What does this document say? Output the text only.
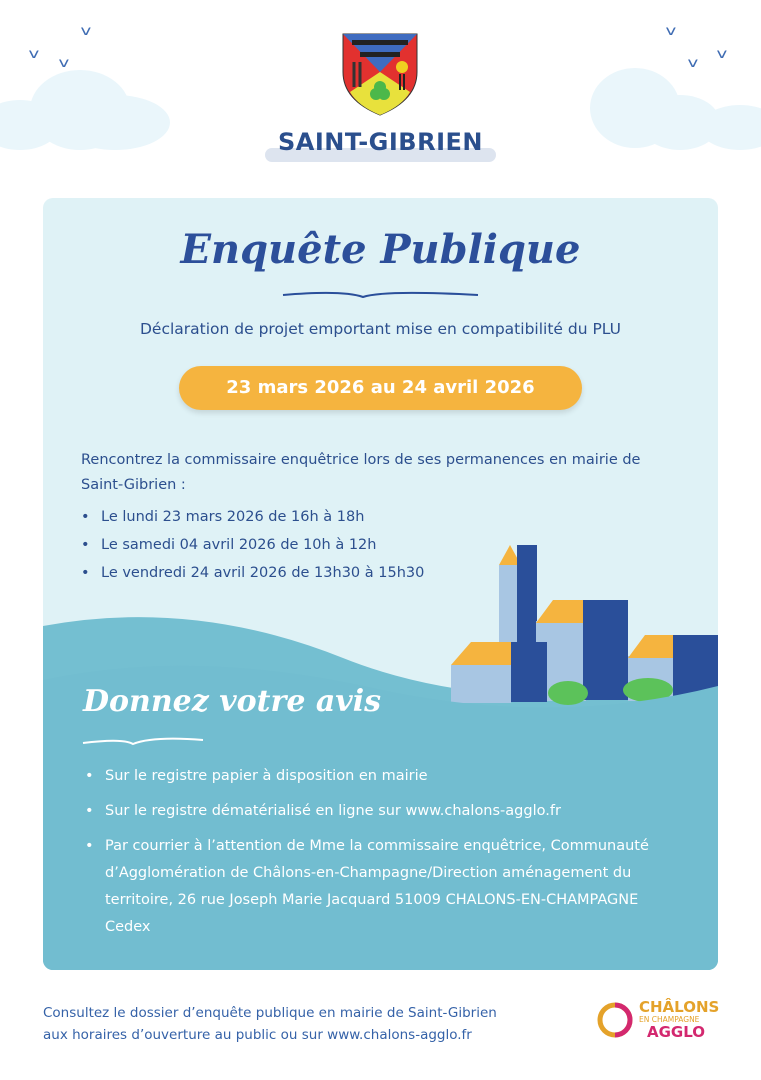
v
v
v
v
v
v
SAINT-GIBRIEN
Enquête Publique
Déclaration de projet emportant mise en compatibilité du PLU
23 mars 2026 au 24 avril 2026
Rencontrez la commissaire enquêtrice lors de ses permanences en mairie de Saint-Gibrien :
• Le lundi 23 mars 2026 de 16h à 18h
• Le samedi 04 avril 2026 de 10h à 12h
• Le vendredi 24 avril 2026 de 13h30 à 15h30
Donnez votre avis
• Sur le registre papier à disposition en mairie
• Sur le registre dématérialisé en ligne sur www.chalons-agglo.fr
• Par courrier à l’attention de Mme la commissaire enquêtrice, Communauté d’Agglomération de Châlons-en-Champagne/Direction aménagement du territoire, 26 rue Joseph Marie Jacquard 51009 CHALONS-EN-CHAMPAGNE Cedex
Consultez le dossier d’enquête publique en mairie de Saint-Gibrien
aux horaires d’ouverture au public ou sur www.chalons-agglo.fr
CHÂLONS
EN CHAMPAGNE
AGGLO
